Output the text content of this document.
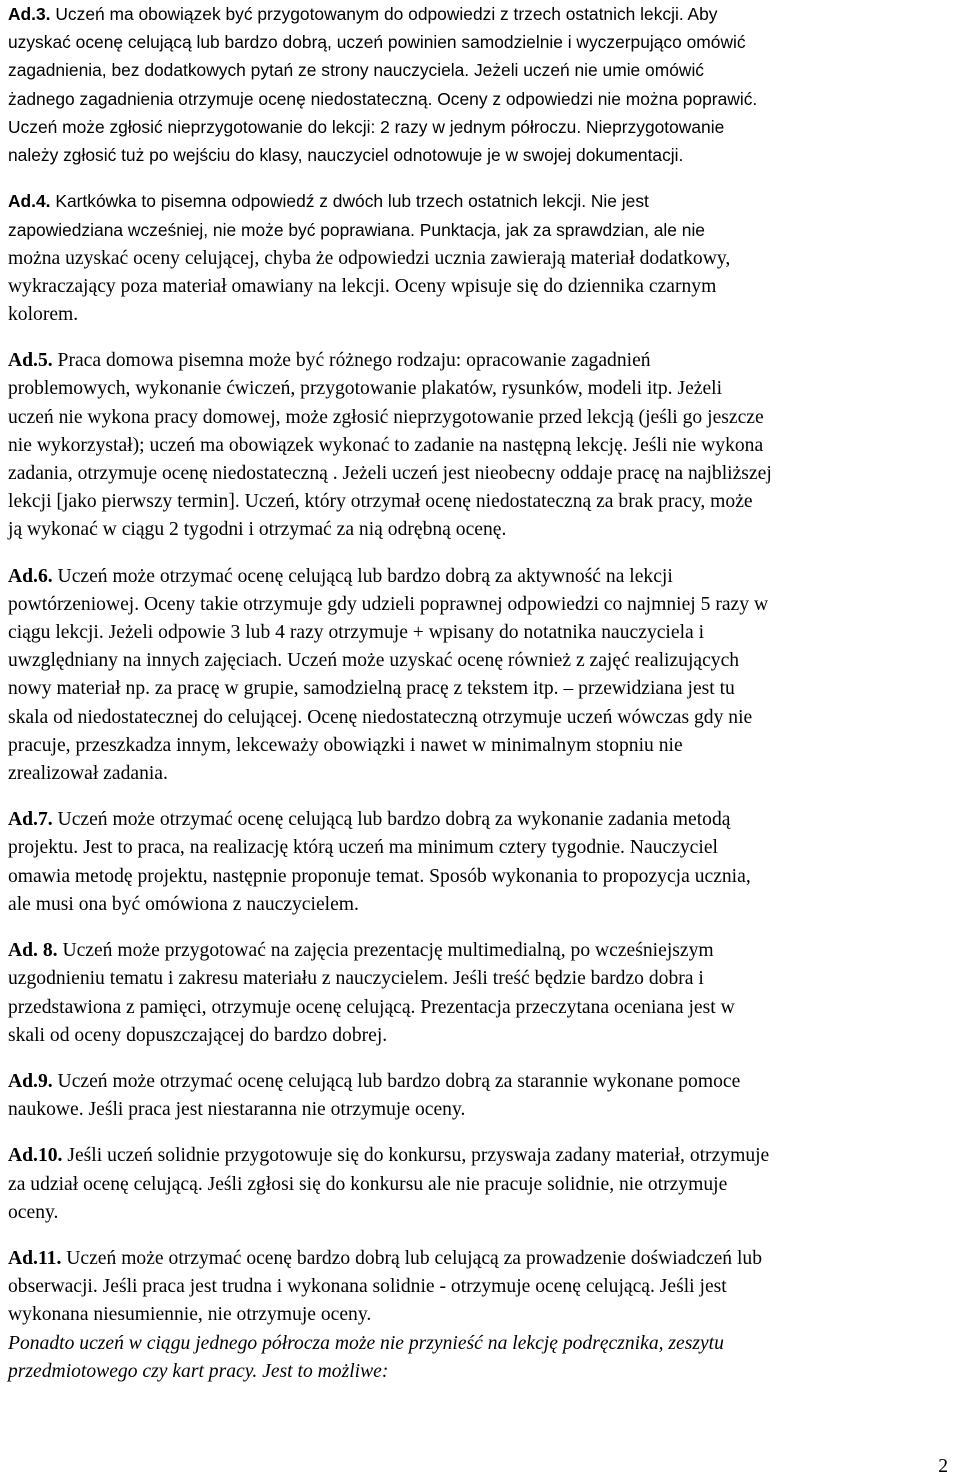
Ad.3. Uczeń ma obowiązek być przygotowanym do odpowiedzi z trzech ostatnich lekcji. Aby
uzyskać ocenę celującą lub bardzo dobrą, uczeń powinien samodzielnie i wyczerpująco omówić
zagadnienia, bez dodatkowych pytań ze strony nauczyciela. Jeżeli uczeń nie umie omówić
żadnego zagadnienia otrzymuje ocenę niedostateczną. Oceny z odpowiedzi nie można poprawić.
Uczeń może zgłosić nieprzygotowanie do lekcji: 2 razy w jednym półroczu. Nieprzygotowanie
należy zgłosić tuż po wejściu do klasy, nauczyciel odnotowuje je w swojej dokumentacji.

Ad.4. Kartkówka to pisemna odpowiedź z dwóch lub trzech ostatnich lekcji. Nie jest
zapowiedziana wcześniej, nie może być poprawiana. Punktacja, jak za sprawdzian, ale nie
można uzyskać oceny celującej, chyba że odpowiedzi ucznia zawierają materiał dodatkowy,
wykraczający poza materiał omawiany na lekcji. Oceny wpisuje się do dziennika czarnym
kolorem.

Ad.5. Praca domowa pisemna może być różnego rodzaju: opracowanie zagadnień
problemowych, wykonanie ćwiczeń, przygotowanie plakatów, rysunków, modeli itp. Jeżeli
uczeń nie wykona pracy domowej, może zgłosić nieprzygotowanie przed lekcją (jeśli go jeszcze
nie wykorzystał); uczeń ma obowiązek wykonać to zadanie na następną lekcję. Jeśli nie wykona
zadania, otrzymuje ocenę niedostateczną . Jeżeli uczeń jest nieobecny oddaje pracę na najbliższej
lekcji [jako pierwszy termin]. Uczeń, który otrzymał ocenę niedostateczną za brak pracy, może
ją wykonać w ciągu 2 tygodni i otrzymać za nią odrębną ocenę.

Ad.6. Uczeń może otrzymać ocenę celującą lub bardzo dobrą za aktywność na lekcji
powtórzeniowej. Oceny takie otrzymuje gdy udzieli poprawnej odpowiedzi co najmniej 5 razy w
ciągu lekcji. Jeżeli odpowie 3 lub 4 razy otrzymuje + wpisany do notatnika nauczyciela i
uwzględniany na innych zajęciach. Uczeń może uzyskać ocenę również z zajęć realizujących
nowy materiał np. za pracę w grupie, samodzielną pracę z tekstem itp. – przewidziana jest tu
skala od niedostatecznej do celującej. Ocenę niedostateczną otrzymuje uczeń wówczas gdy nie
pracuje, przeszkadza innym, lekceważy obowiązki i nawet w minimalnym stopniu nie
zrealizował zadania.

Ad.7. Uczeń może otrzymać ocenę celującą lub bardzo dobrą za wykonanie zadania metodą
projektu. Jest to praca, na realizację którą uczeń ma minimum cztery tygodnie. Nauczyciel
omawia metodę projektu, następnie proponuje temat. Sposób wykonania to propozycja ucznia,
ale musi ona być omówiona z nauczycielem.

Ad. 8. Uczeń może przygotować na zajęcia prezentację multimedialną, po wcześniejszym
uzgodnieniu tematu i zakresu materiału z nauczycielem. Jeśli treść będzie bardzo dobra i
przedstawiona z pamięci, otrzymuje ocenę celującą. Prezentacja przeczytana oceniana jest w
skali od oceny dopuszczającej do bardzo dobrej.

Ad.9. Uczeń może otrzymać ocenę celującą lub bardzo dobrą za starannie wykonane pomoce
naukowe. Jeśli praca jest niestaranna nie otrzymuje oceny.

Ad.10. Jeśli uczeń solidnie przygotowuje się do konkursu, przyswaja zadany materiał, otrzymuje
za udział ocenę celującą. Jeśli zgłosi się do konkursu ale nie pracuje solidnie, nie otrzymuje
oceny.

Ad.11. Uczeń może otrzymać ocenę bardzo dobrą lub celującą za prowadzenie doświadczeń lub
obserwacji. Jeśli praca jest trudna i wykonana solidnie - otrzymuje ocenę celującą. Jeśli jest
wykonana niesumiennie, nie otrzymuje oceny.
Ponadto uczeń w ciągu jednego półrocza może nie przynieść na lekcję podręcznika, zeszytu
przedmiotowego czy kart pracy. Jest to możliwe:

2
